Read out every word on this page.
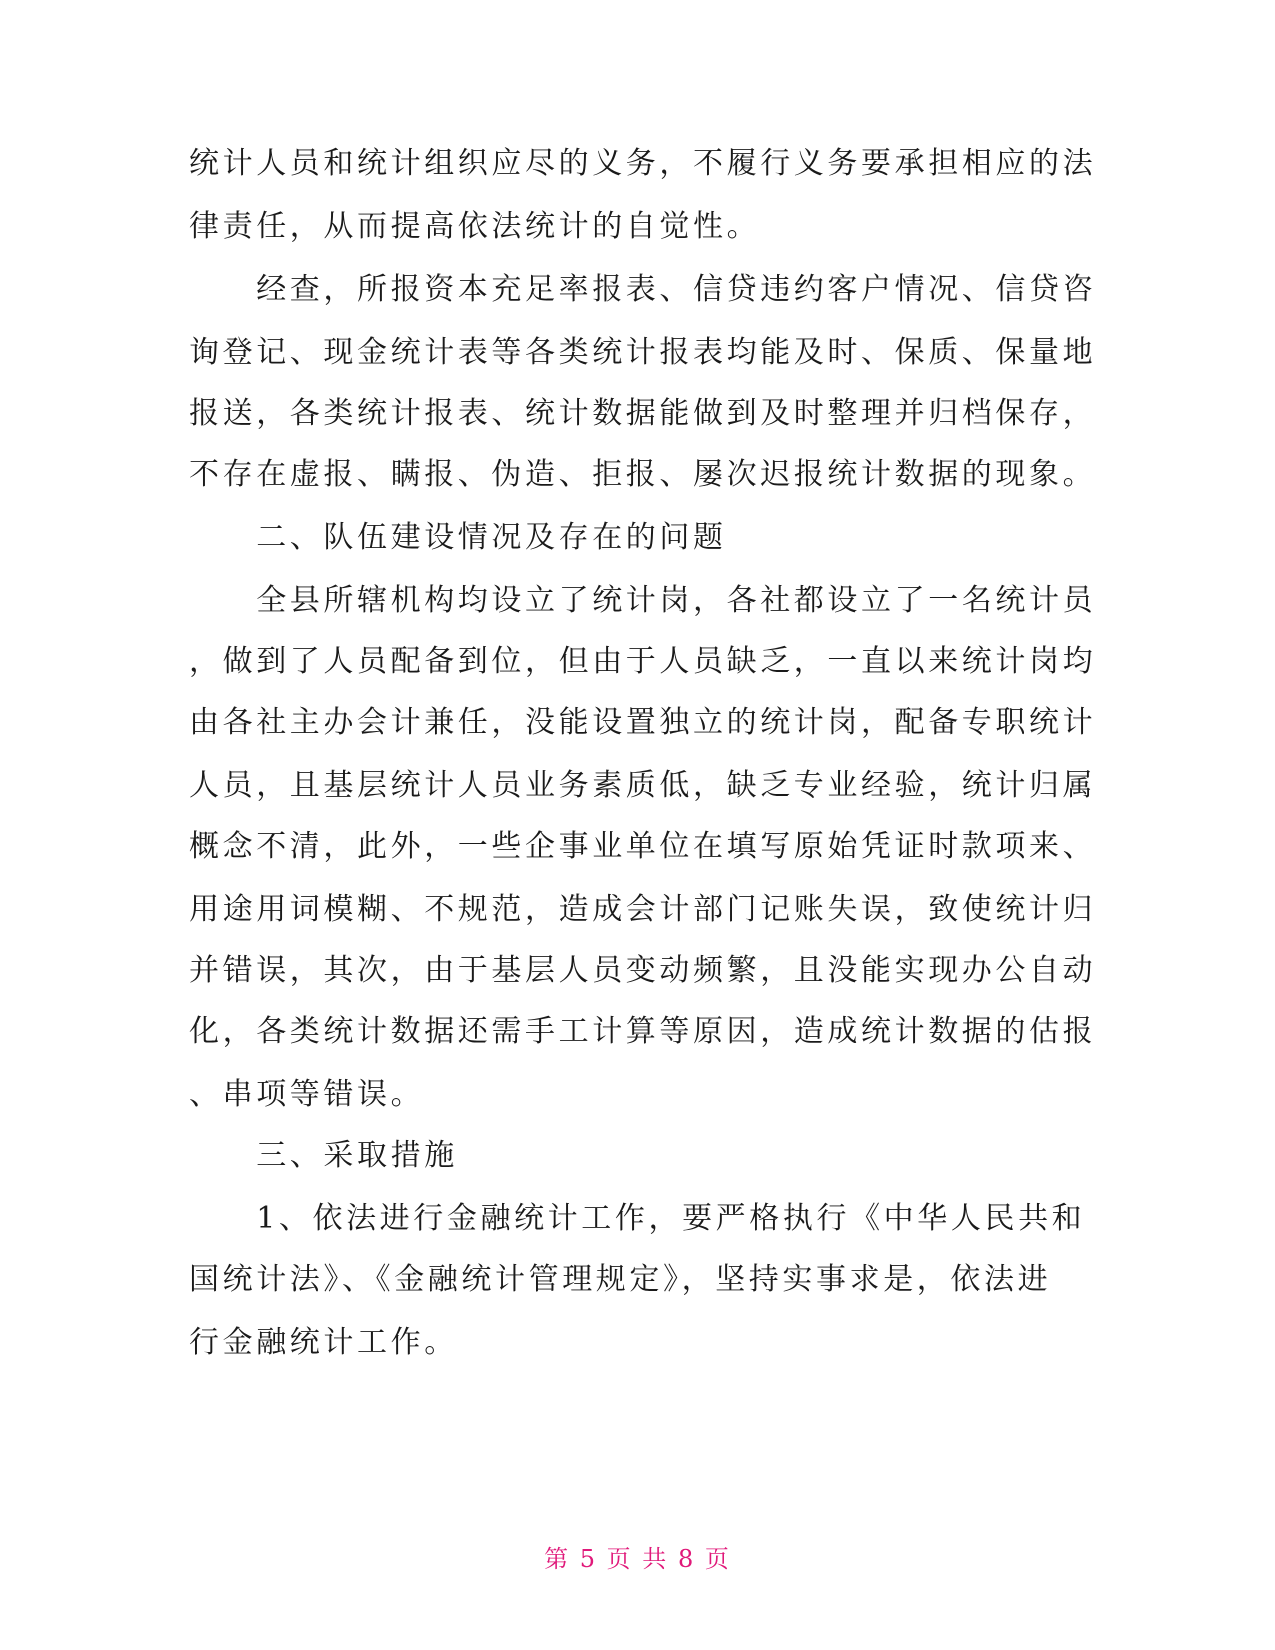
统计人员和统计组织应尽的义务，不履行义务要承担相应的法
律责任，从而提高依法统计的自觉性。
　　经查，所报资本充足率报表、信贷违约客户情况、信贷咨
询登记、现金统计表等各类统计报表均能及时、保质、保量地
报送，各类统计报表、统计数据能做到及时整理并归档保存，
不存在虚报、瞒报、伪造、拒报、屡次迟报统计数据的现象。
　　二、队伍建设情况及存在的问题
　　全县所辖机构均设立了统计岗，各社都设立了一名统计员
，做到了人员配备到位，但由于人员缺乏，一直以来统计岗均
由各社主办会计兼任，没能设置独立的统计岗，配备专职统计
人员，且基层统计人员业务素质低，缺乏专业经验，统计归属
概念不清，此外，一些企事业单位在填写原始凭证时款项来、
用途用词模糊、不规范，造成会计部门记账失误，致使统计归
并错误，其次，由于基层人员变动频繁，且没能实现办公自动
化，各类统计数据还需手工计算等原因，造成统计数据的估报
、串项等错误。
　　三、采取措施
　　1、依法进行金融统计工作，要严格执行《中华人民共和
国统计法》、《金融统计管理规定》，坚持实事求是，依法进
行金融统计工作。
第 5 页 共 8 页
